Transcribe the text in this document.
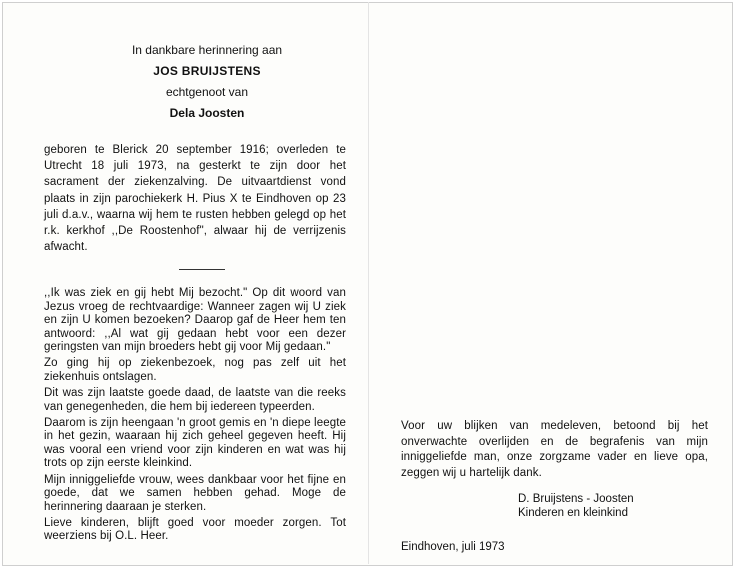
In dankbare herinnering aan
JOS BRUIJSTENS
echtgenoot van
Dela Joosten

geboren te Blerick 20 september 1916; overleden te Utrecht 18 juli 1973, na gesterkt te zijn door het sacrament der ziekenzalving. De uitvaartdienst vond plaats in zijn parochiekerk H. Pius X te Eindhoven op 23 juli d.a.v., waarna wij hem te rusten hebben gelegd op het r.k. kerkhof ,,De Roostenhof", alwaar hij de verrijzenis afwacht.

,,Ik was ziek en gij hebt Mij bezocht." Op dit woord van Jezus vroeg de rechtvaardige: Wanneer zagen wij U ziek en zijn U komen bezoeken? Daarop gaf de Heer hem ten antwoord: ,,Al wat gij gedaan hebt voor een dezer geringsten van mijn broeders hebt gij voor Mij gedaan."

Zo ging hij op ziekenbezoek, nog pas zelf uit het ziekenhuis ontslagen.

Dit was zijn laatste goede daad, de laatste van die reeks van genegenheden, die hem bij iedereen typeerden.

Daarom is zijn heengaan 'n groot gemis en 'n diepe leegte in het gezin, waaraan hij zich geheel gegeven heeft. Hij was vooral een vriend voor zijn kinderen en wat was hij trots op zijn eerste kleinkind.

Mijn inniggeliefde vrouw, wees dankbaar voor het fijne en goede, dat we samen hebben gehad. Moge de herinnering daaraan je sterken.

Lieve kinderen, blijft goed voor moeder zorgen. Tot weerziens bij O.L. Heer.

Voor uw blijken van medeleven, betoond bij het onverwachte overlijden en de begrafenis van mijn inniggeliefde man, onze zorgzame vader en lieve opa, zeggen wij u hartelijk dank.

D. Bruijstens - Joosten
Kinderen en kleinkind
Eindhoven, juli 1973
